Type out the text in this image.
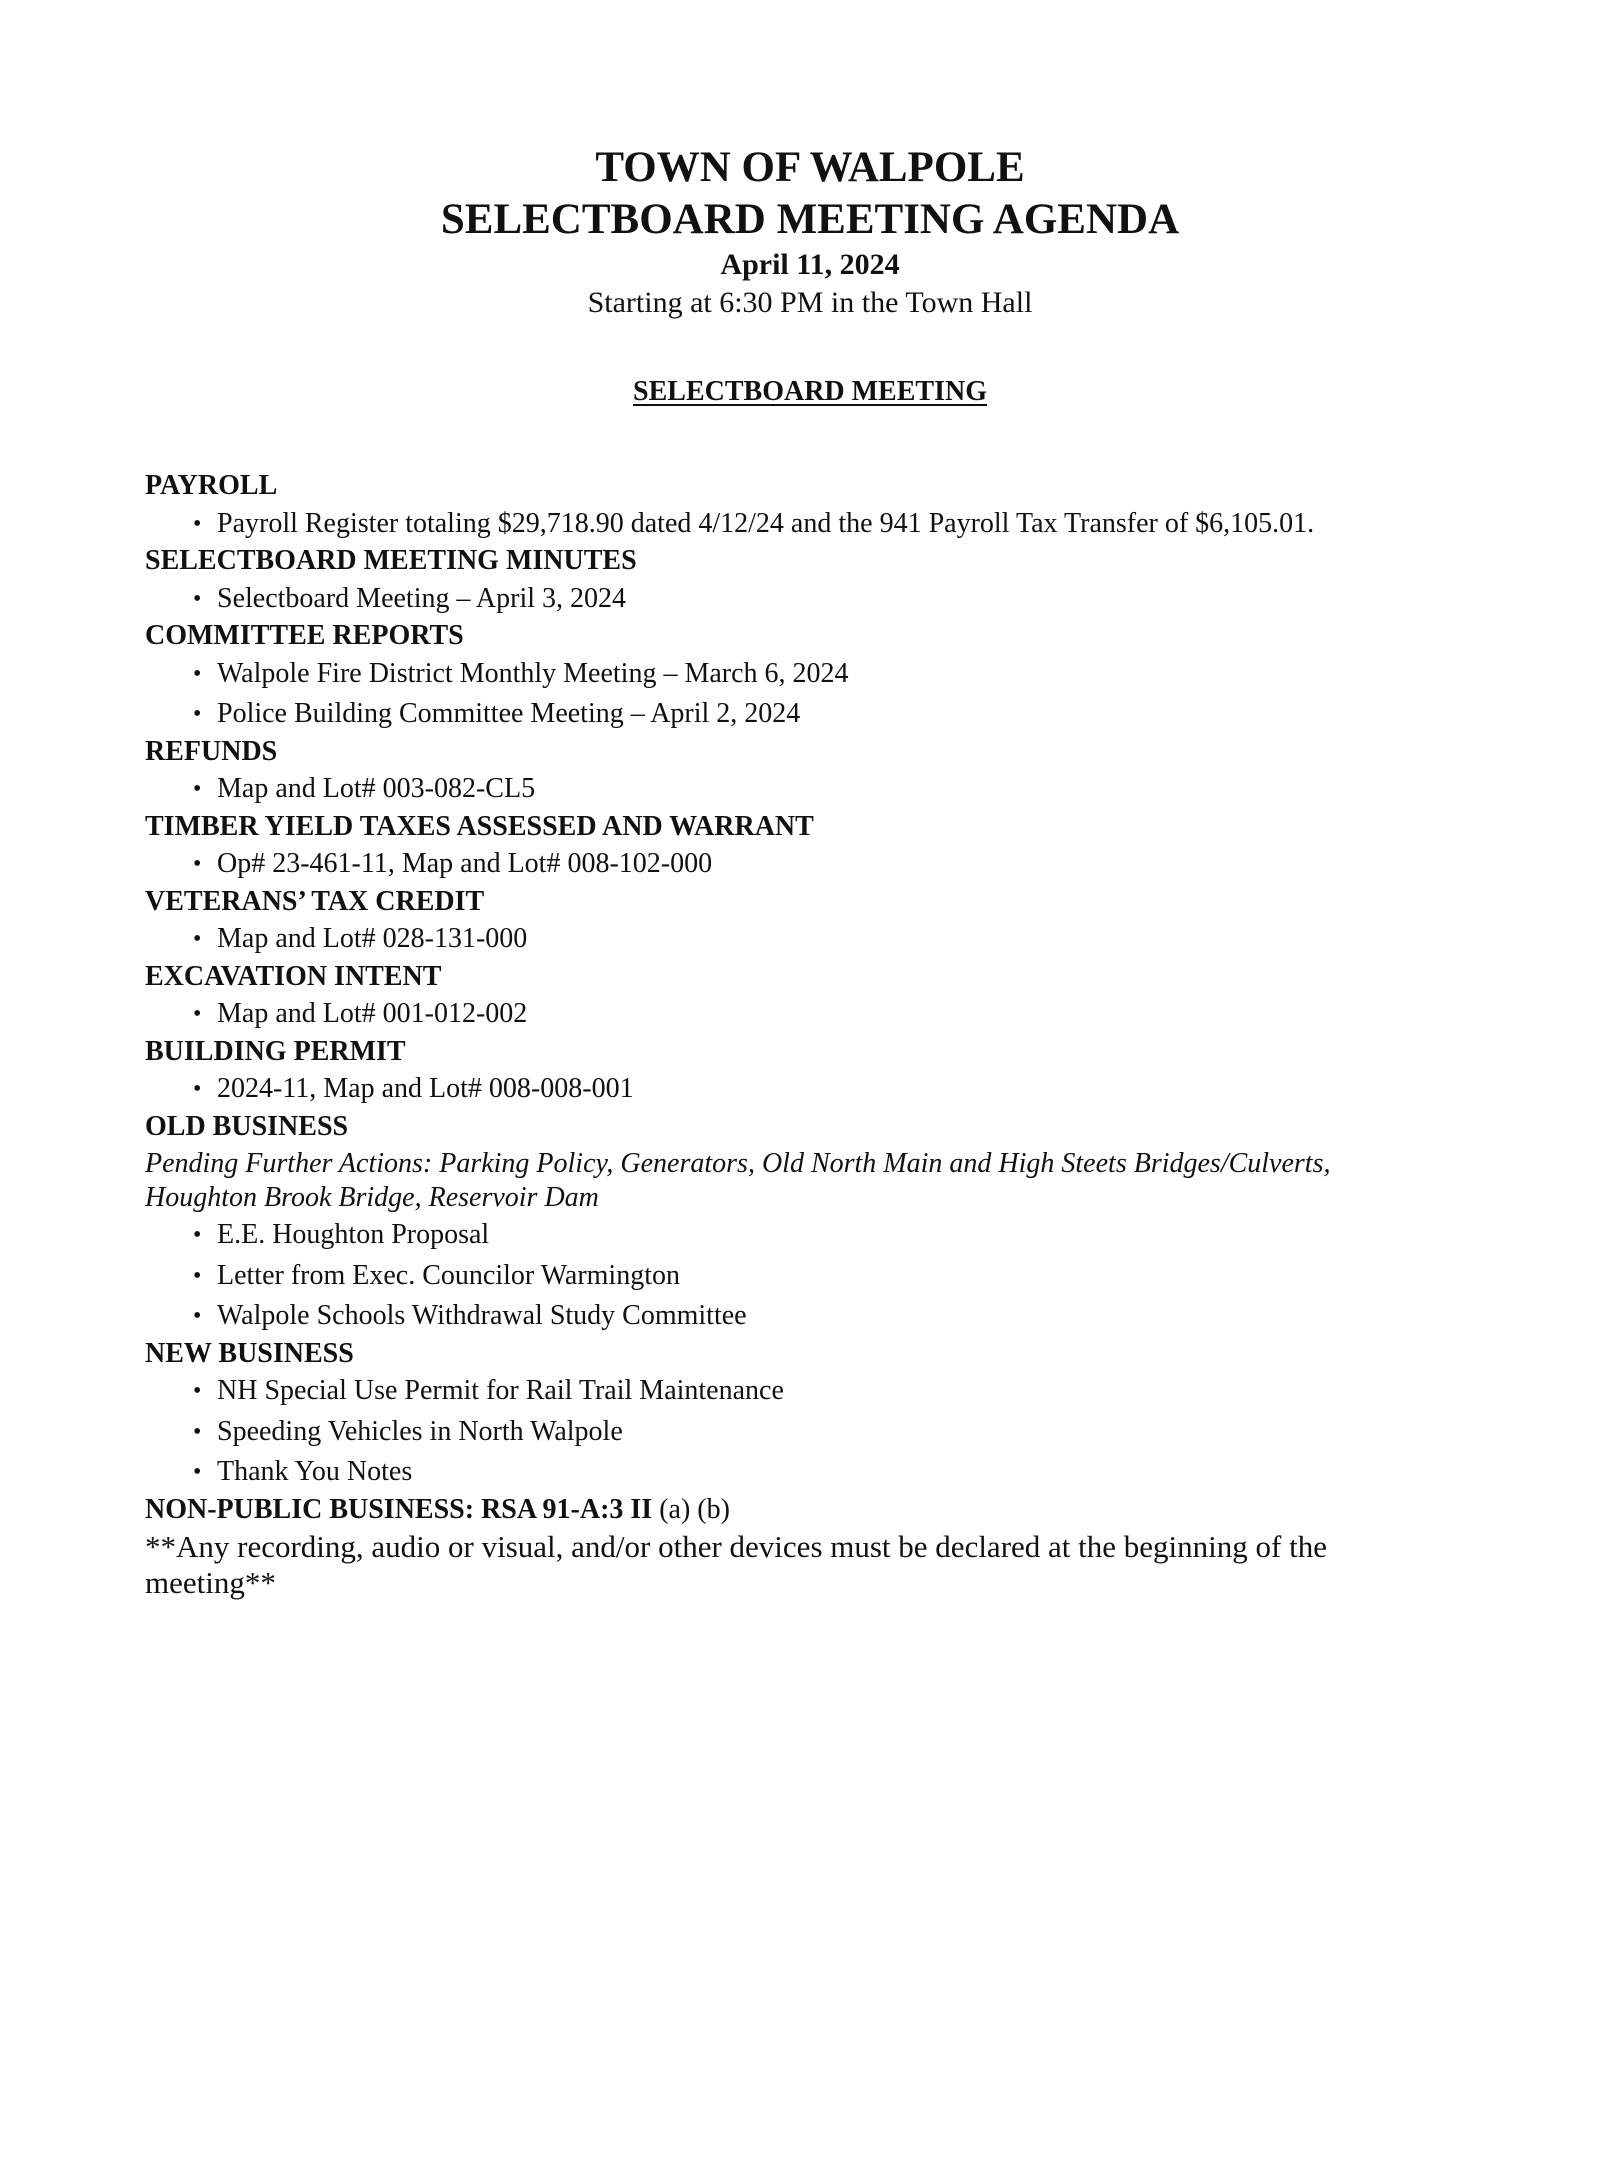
TOWN OF WALPOLE
SELECTBOARD MEETING AGENDA
April 11, 2024
Starting at 6:30 PM in the Town Hall
SELECTBOARD MEETING
PAYROLL
• Payroll Register totaling $29,718.90 dated 4/12/24 and the 941 Payroll Tax Transfer of $6,105.01.
SELECTBOARD MEETING MINUTES
• Selectboard Meeting – April 3, 2024
COMMITTEE REPORTS
• Walpole Fire District Monthly Meeting – March 6, 2024
• Police Building Committee Meeting – April 2, 2024
REFUNDS
• Map and Lot# 003-082-CL5
TIMBER YIELD TAXES ASSESSED AND WARRANT
• Op# 23-461-11, Map and Lot# 008-102-000
VETERANS’ TAX CREDIT
• Map and Lot# 028-131-000
EXCAVATION INTENT
• Map and Lot# 001-012-002
BUILDING PERMIT
• 2024-11, Map and Lot# 008-008-001
OLD BUSINESS
Pending Further Actions: Parking Policy, Generators, Old North Main and High Steets Bridges/Culverts,
Houghton Brook Bridge, Reservoir Dam
• E.E. Houghton Proposal
• Letter from Exec. Councilor Warmington
• Walpole Schools Withdrawal Study Committee
NEW BUSINESS
• NH Special Use Permit for Rail Trail Maintenance
• Speeding Vehicles in North Walpole
• Thank You Notes
NON-PUBLIC BUSINESS: RSA 91-A:3 II (a) (b)
**Any recording, audio or visual, and/or other devices must be declared at the beginning of the
meeting**
